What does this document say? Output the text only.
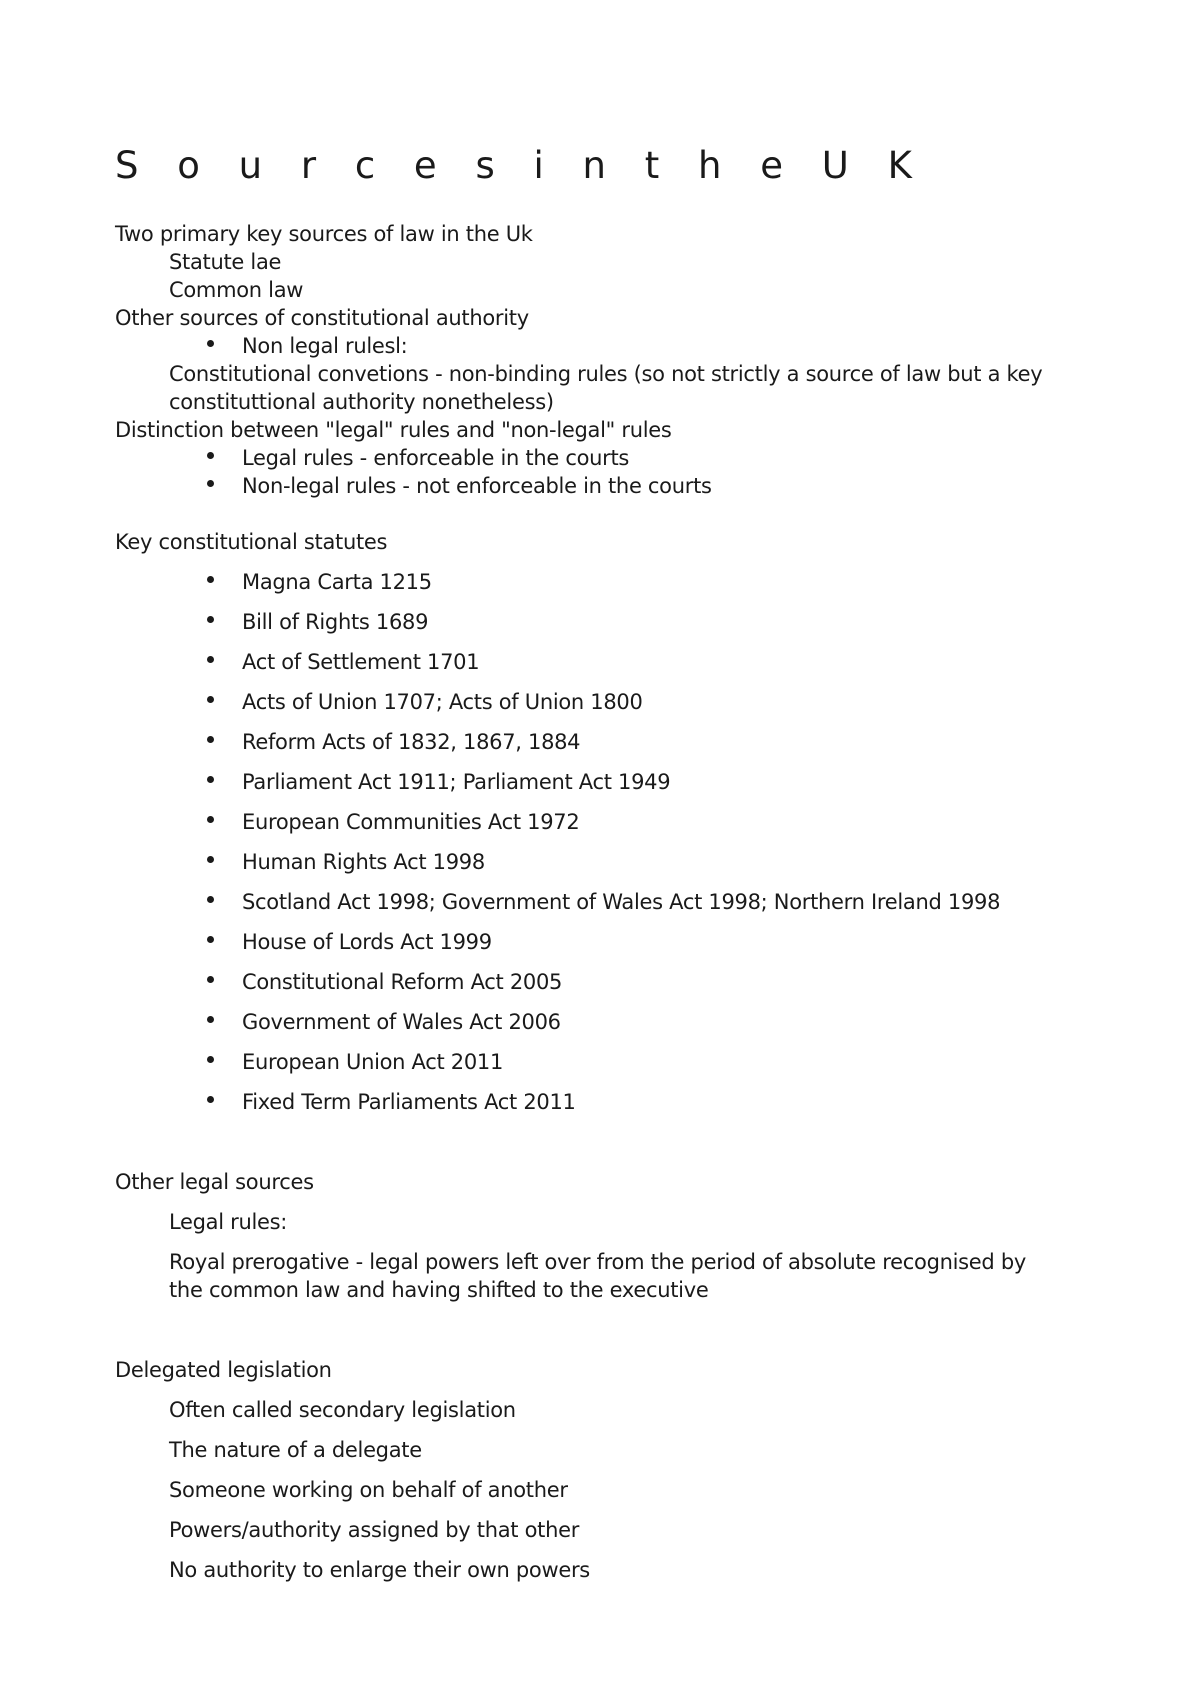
S o u r c e s i n t h e U K

Two primary key sources of law in the Uk

Statute lae

Common law

Other sources of constitutional authority

Non legal rulesl:

Constitutional convetions - non-binding rules (so not strictly a source of law but a key

constituttional authority nonetheless)

Distinction between "legal" rules and "non-legal" rules

Legal rules - enforceable in the courts

Non-legal rules - not enforceable in the courts

Key constitutional statutes

Magna Carta 1215

Bill of Rights 1689

Act of Settlement 1701

Acts of Union 1707; Acts of Union 1800

Reform Acts of 1832, 1867, 1884

Parliament Act 1911; Parliament Act 1949

European Communities Act 1972

Human Rights Act 1998

Scotland Act 1998; Government of Wales Act 1998; Northern Ireland 1998

House of Lords Act 1999

Constitutional Reform Act 2005

Government of Wales Act 2006

European Union Act 2011

Fixed Term Parliaments Act 2011

Other legal sources

Legal rules:

Royal prerogative - legal powers left over from the period of absolute recognised by

the common law and having shifted to the executive

Delegated legislation

Often called secondary legislation

The nature of a delegate

Someone working on behalf of another

Powers/authority assigned by that other

No authority to enlarge their own powers
